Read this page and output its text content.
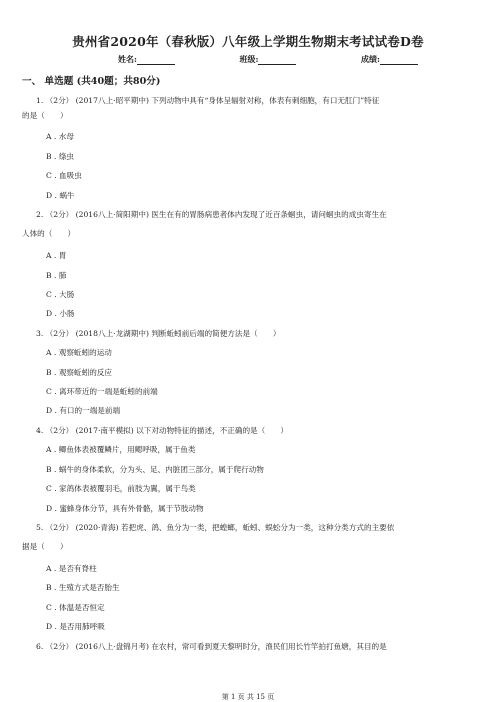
贵州省2020年（春秋版）八年级上学期生物期末考试试卷D卷
姓名:	班级:	成绩:
一、 单选题 (共40题；共80分)
1. （2分） (2017八上·昭平期中) 下列动物中具有“身体呈辐射对称，体表有刺细胞，有口无肛门”特征
的是（　　）
A . 水母
B . 绦虫
C . 血吸虫
D . 蜗牛
2. （2分） (2016八上·简阳期中) 医生在有的胃肠病患者体内发现了近百条蛔虫，请问蛔虫的成虫寄生在
人体的（　　）
A . 胃
B . 肺
C . 大肠
D . 小肠
3. （2分） (2018八上·龙湖期中) 判断蚯蚓前后端的简便方法是（　　）
A . 观察蚯蚓的运动
B . 观察蚯蚓的反应
C . 离环带近的一端是蚯蚓的前端
D . 有口的一端是前端
4. （2分） (2017·南平模拟) 以下对动物特征的描述，不正确的是（　　）
A . 鲫鱼体表被覆鳞片，用鳃呼吸，属于鱼类
B . 蜗牛的身体柔软，分为头、足、内脏团三部分，属于爬行动物
C . 家鸽体表被覆羽毛，前肢为翼，属于鸟类
D . 蜜蜂身体分节，具有外骨骼，属于节肢动物
5. （2分） (2020·青海) 若把虎、鸽、鱼分为一类，把蝗螂，蚯蚓、蜈蚣分为一类，这种分类方式的主要依
据是（　　）
A . 是否有脊柱
B . 生殖方式是否胎生
C . 体温是否恒定
D . 是否用肺呼吸
6. （2分） (2016八上·盘锦月考) 在农村，常可看到夏天黎明时分，渔民们用长竹竿拍打鱼塘，其目的是
第 1 页 共 15 页
